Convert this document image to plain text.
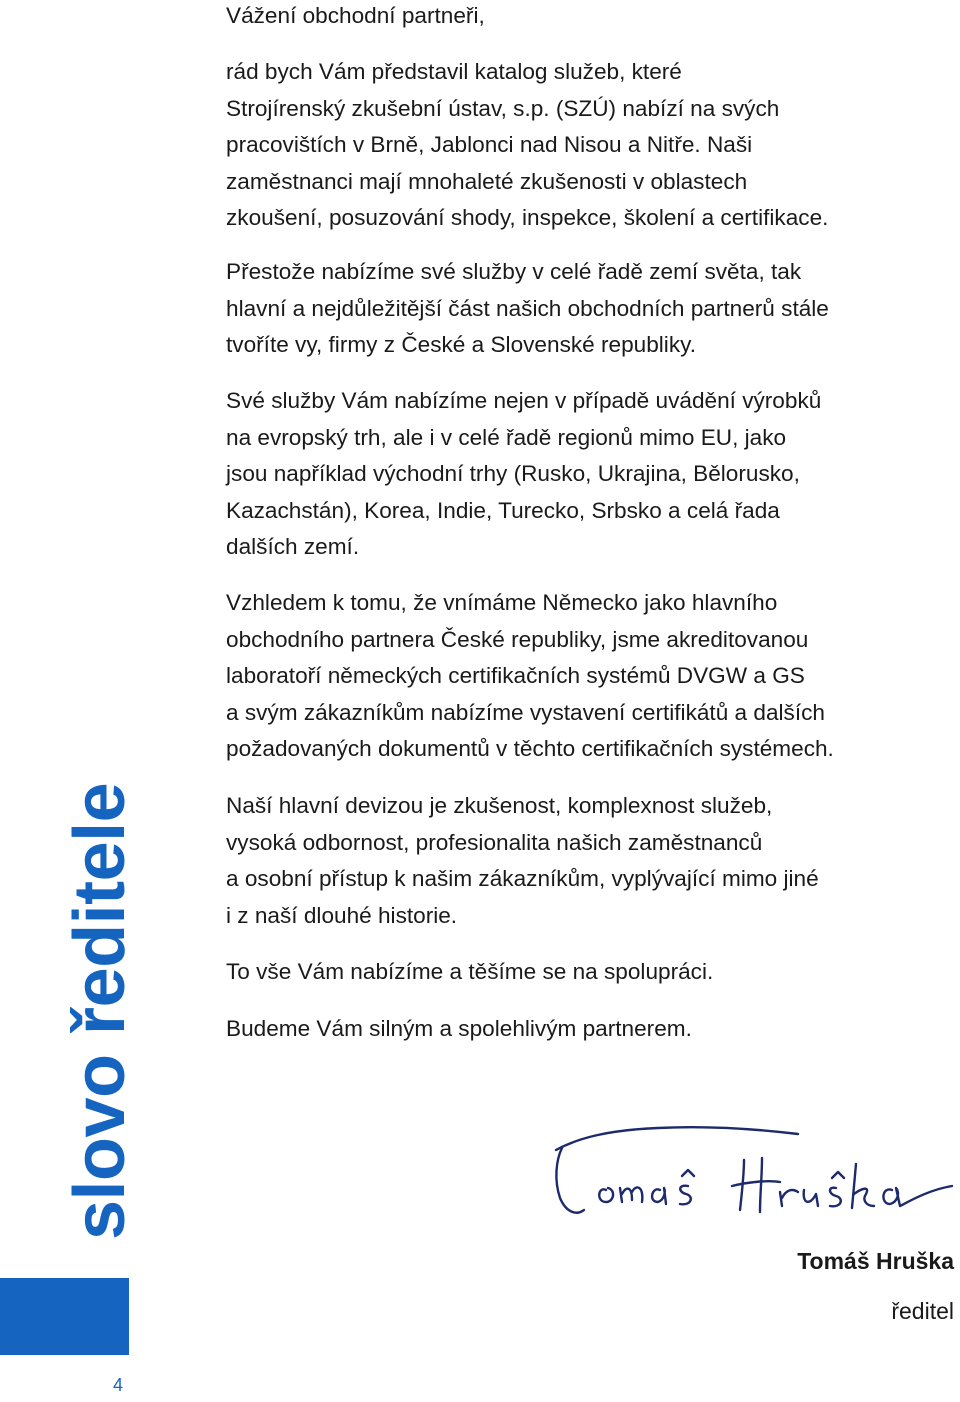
Vážení obchodní partneři,

rád bych Vám představil katalog služeb, které
Strojírenský zkušební ústav, s.p. (SZÚ) nabízí na svých
pracovištích v Brně, Jablonci nad Nisou a Nitře. Naši
zaměstnanci mají mnohaleté zkušenosti v oblastech
zkoušení, posuzování shody, inspekce, školení a certifikace.

Přestože nabízíme své služby v celé řadě zemí světa, tak
hlavní a nejdůležitější část našich obchodních partnerů stále
tvoříte vy, firmy z České a Slovenské republiky.

Své služby Vám nabízíme nejen v případě uvádění výrobků
na evropský trh, ale i v celé řadě regionů mimo EU, jako
jsou například východní trhy (Rusko, Ukrajina, Bělorusko,
Kazachstán), Korea, Indie, Turecko, Srbsko a celá řada
dalších zemí.

Vzhledem k tomu, že vnímáme Německo jako hlavního
obchodního partnera České republiky, jsme akreditovanou
laboratoří německých certifikačních systémů DVGW a GS
a svým zákazníkům nabízíme vystavení certifikátů a dalších
požadovaných dokumentů v těchto certifikačních systémech.

Naší hlavní devizou je zkušenost, komplexnost služeb,
vysoká odbornost, profesionalita našich zaměstnanců
a osobní přístup k našim zákazníkům, vyplývající mimo jiné
i z naší dlouhé historie.

To vše Vám nabízíme a těšíme se na spolupráci.

Budeme Vám silným a spolehlivým partnerem.

slovo ředitele
4
Tomáš Hruška
ředitel
